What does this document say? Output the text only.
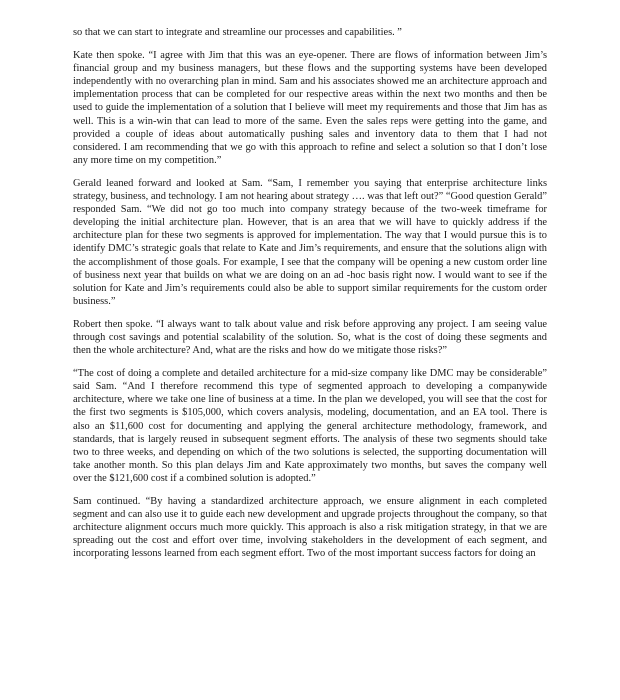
so that we can start to integrate and streamline our processes and capabilities. ”

Kate then spoke. “I agree with Jim that this was an eye-opener. There are flows of information between Jim’s financial group and my business managers, but these flows and the supporting systems have been developed independently with no overarching plan in mind. Sam and his associates showed me an architecture approach and implementation process that can be completed for our respective areas within the next two months and then be used to guide the implementation of a solution that I believe will meet my requirements and those that Jim has as well. This is a win-win that can lead to more of the same. Even the sales reps were getting into the game, and provided a couple of ideas about automatically pushing sales and inventory data to them that I had not considered. I am recommending that we go with this approach to refine and select a solution so that I don’t lose any more time on my competition.”

Gerald leaned forward and looked at Sam. “Sam, I remember you saying that enterprise architecture links strategy, business, and technology. I am not hearing about strategy …. was that left out?” “Good question Gerald” responded Sam. “We did not go too much into company strategy because of the two-week timeframe for developing the initial architecture plan. However, that is an area that we will have to quickly address if the architecture plan for these two segments is approved for implementation. The way that I would pursue this is to identify DMC’s strategic goals that relate to Kate and Jim’s requirements, and ensure that the solutions align with the accomplishment of those goals. For example, I see that the company will be opening a new custom order line of business next year that builds on what we are doing on an ad -hoc basis right now. I would want to see if the solution for Kate and Jim’s requirements could also be able to support similar requirements for the custom order business.”

Robert then spoke. “I always want to talk about value and risk before approving any project. I am seeing value through cost savings and potential scalability of the solution. So, what is the cost of doing these segments and then the whole architecture? And, what are the risks and how do we mitigate those risks?”

“The cost of doing a complete and detailed architecture for a mid-size company like DMC may be considerable” said Sam. “And I therefore recommend this type of segmented approach to developing a companywide architecture, where we take one line of business at a time. In the plan we developed, you will see that the cost for the first two segments is $105,000, which covers analysis, modeling, documentation, and an EA tool. There is also an $11,600 cost for documenting and applying the general architecture methodology, framework, and standards, that is largely reused in subsequent segment efforts. The analysis of these two segments should take two to three weeks, and depending on which of the two solutions is selected, the supporting documentation will take another month. So this plan delays Jim and Kate approximately two months, but saves the company well over the $121,600 cost if a combined solution is adopted.”

Sam continued. “By having a standardized architecture approach, we ensure alignment in each completed segment and can also use it to guide each new development and upgrade projects throughout the company, so that architecture alignment occurs much more quickly. This approach is also a risk mitigation strategy, in that we are spreading out the cost and effort over time, involving stakeholders in the development of each segment, and incorporating lessons learned from each segment effort. Two of the most important success factors for doing an
